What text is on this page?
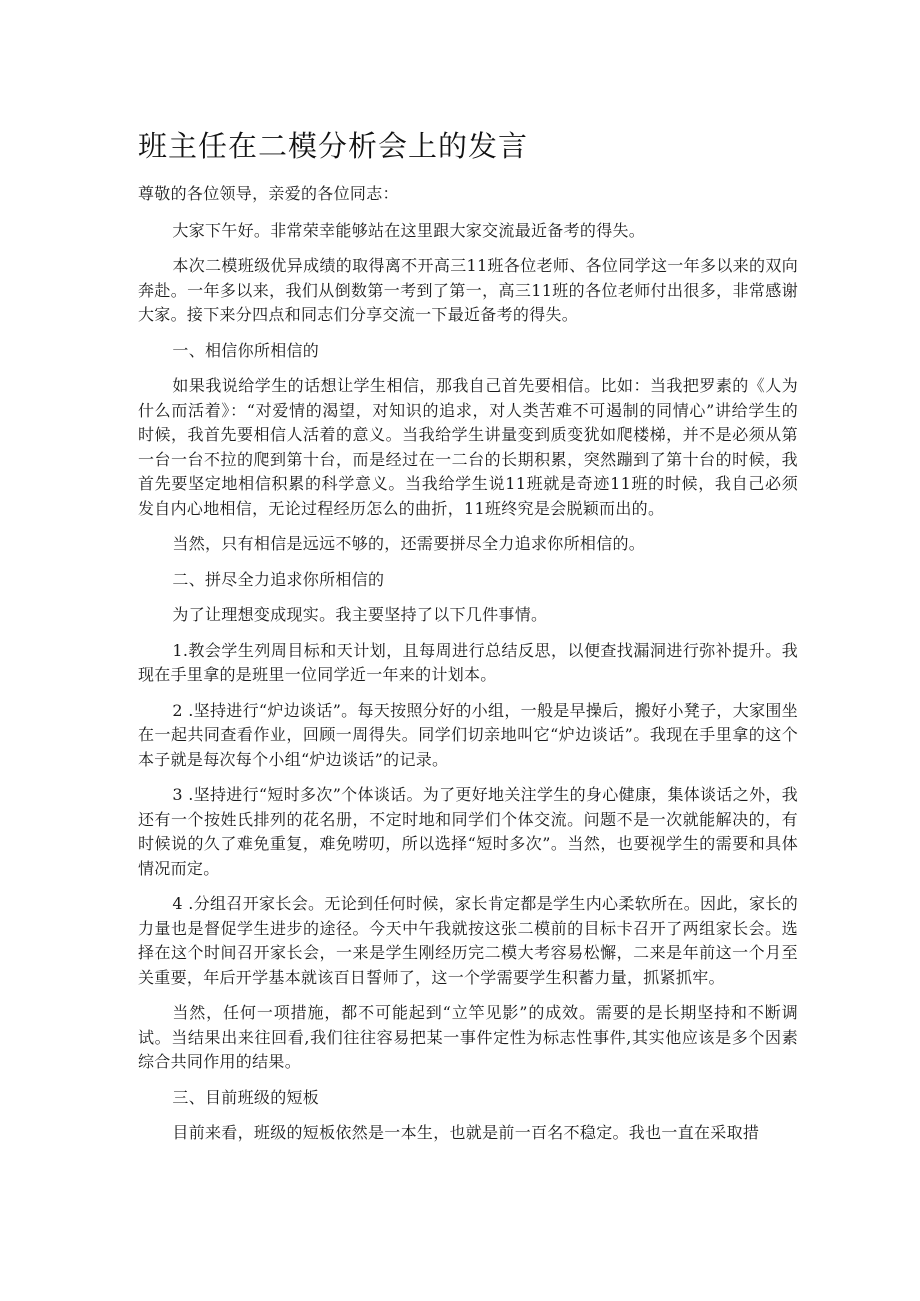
班主任在二模分析会上的发言

尊敬的各位领导，亲爱的各位同志：

大家下午好。非常荣幸能够站在这里跟大家交流最近备考的得失。

本次二模班级优异成绩的取得离不开高三11班各位老师、各位同学这一年多以来的双向奔赴。一年多以来，我们从倒数第一考到了第一，高三11班的各位老师付出很多，非常感谢大家。接下来分四点和同志们分享交流一下最近备考的得失。

一、相信你所相信的

如果我说给学生的话想让学生相信，那我自己首先要相信。比如：当我把罗素的《人为什么而活着》：“对爱情的渴望，对知识的追求，对人类苦难不可遏制的同情心”讲给学生的时候，我首先要相信人活着的意义。当我给学生讲量变到质变犹如爬楼梯，并不是必须从第一台一台不拉的爬到第十台，而是经过在一二台的长期积累，突然蹦到了第十台的时候，我首先要坚定地相信积累的科学意义。当我给学生说11班就是奇迹11班的时候，我自己必须发自内心地相信，无论过程经历怎么的曲折，11班终究是会脱颖而出的。

当然，只有相信是远远不够的，还需要拼尽全力追求你所相信的。

二、拼尽全力追求你所相信的

为了让理想变成现实。我主要坚持了以下几件事情。

1.教会学生列周目标和天计划，且每周进行总结反思，以便查找漏洞进行弥补提升。我现在手里拿的是班里一位同学近一年来的计划本。

2 .坚持进行“炉边谈话”。每天按照分好的小组，一般是早操后，搬好小凳子，大家围坐在一起共同查看作业，回顾一周得失。同学们切亲地叫它“炉边谈话”。我现在手里拿的这个本子就是每次每个小组“炉边谈话”的记录。

3 .坚持进行“短时多次”个体谈话。为了更好地关注学生的身心健康，集体谈话之外，我还有一个按姓氏排列的花名册，不定时地和同学们个体交流。问题不是一次就能解决的，有时候说的久了难免重复，难免唠叨，所以选择“短时多次”。当然，也要视学生的需要和具体情况而定。

4 .分组召开家长会。无论到任何时候，家长肯定都是学生内心柔软所在。因此，家长的力量也是督促学生进步的途径。今天中午我就按这张二模前的目标卡召开了两组家长会。选择在这个时间召开家长会，一来是学生刚经历完二模大考容易松懈，二来是年前这一个月至关重要，年后开学基本就该百日誓师了，这一个学需要学生积蓄力量，抓紧抓牢。

当然，任何一项措施，都不可能起到“立竿见影”的成效。需要的是长期坚持和不断调试。当结果出来往回看,我们往往容易把某一事件定性为标志性事件,其实他应该是多个因素综合共同作用的结果。

三、目前班级的短板

目前来看，班级的短板依然是一本生，也就是前一百名不稳定。我也一直在采取措
